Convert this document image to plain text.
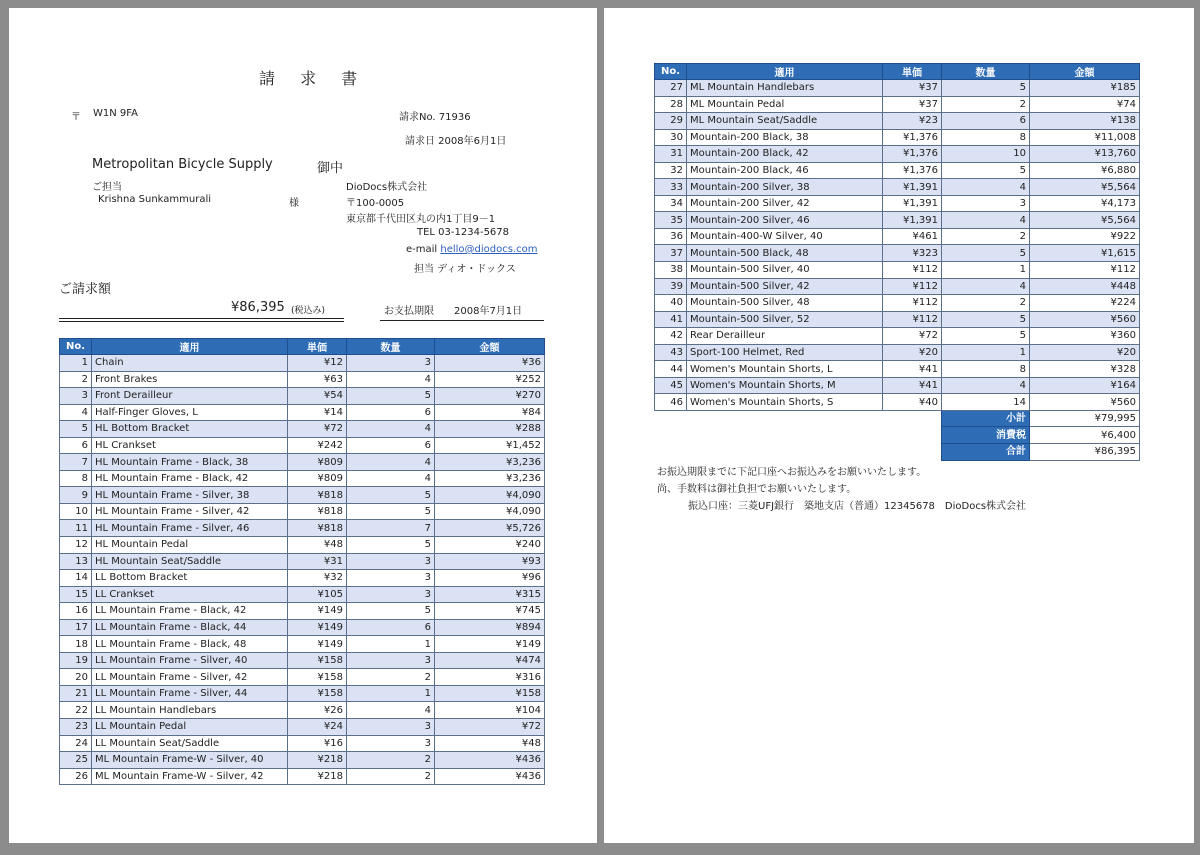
請 求 書
〒 W1N 9FA	請求No. 71936
請求日 2008年6月1日
Metropolitan Bicycle Supply	御中
ご担当
Krishna Sunkammurali	様
DioDocs株式会社
〒100-0005
東京都千代田区丸の内1丁目9－1
TEL 03-1234-5678
e-mail hello@diodocs.com
担当 ディオ・ドックス
ご請求額
¥86,395 (税込み)	お支払期限 2008年7月1日
No.	適用	単価	数量	金額
1	Chain	¥12	3	¥36
2	Front Brakes	¥63	4	¥252
3	Front Derailleur	¥54	5	¥270
4	Half-Finger Gloves, L	¥14	6	¥84
5	HL Bottom Bracket	¥72	4	¥288
6	HL Crankset	¥242	6	¥1,452
7	HL Mountain Frame - Black, 38	¥809	4	¥3,236
8	HL Mountain Frame - Black, 42	¥809	4	¥3,236
9	HL Mountain Frame - Silver, 38	¥818	5	¥4,090
10	HL Mountain Frame - Silver, 42	¥818	5	¥4,090
11	HL Mountain Frame - Silver, 46	¥818	7	¥5,726
12	HL Mountain Pedal	¥48	5	¥240
13	HL Mountain Seat/Saddle	¥31	3	¥93
14	LL Bottom Bracket	¥32	3	¥96
15	LL Crankset	¥105	3	¥315
16	LL Mountain Frame - Black, 42	¥149	5	¥745
17	LL Mountain Frame - Black, 44	¥149	6	¥894
18	LL Mountain Frame - Black, 48	¥149	1	¥149
19	LL Mountain Frame - Silver, 40	¥158	3	¥474
20	LL Mountain Frame - Silver, 42	¥158	2	¥316
21	LL Mountain Frame - Silver, 44	¥158	1	¥158
22	LL Mountain Handlebars	¥26	4	¥104
23	LL Mountain Pedal	¥24	3	¥72
24	LL Mountain Seat/Saddle	¥16	3	¥48
25	ML Mountain Frame-W - Silver, 40	¥218	2	¥436
26	ML Mountain Frame-W - Silver, 42	¥218	2	¥436
No.	適用	単価	数量	金額
27	ML Mountain Handlebars	¥37	5	¥185
28	ML Mountain Pedal	¥37	2	¥74
29	ML Mountain Seat/Saddle	¥23	6	¥138
30	Mountain-200 Black, 38	¥1,376	8	¥11,008
31	Mountain-200 Black, 42	¥1,376	10	¥13,760
32	Mountain-200 Black, 46	¥1,376	5	¥6,880
33	Mountain-200 Silver, 38	¥1,391	4	¥5,564
34	Mountain-200 Silver, 42	¥1,391	3	¥4,173
35	Mountain-200 Silver, 46	¥1,391	4	¥5,564
36	Mountain-400-W Silver, 40	¥461	2	¥922
37	Mountain-500 Black, 48	¥323	5	¥1,615
38	Mountain-500 Silver, 40	¥112	1	¥112
39	Mountain-500 Silver, 42	¥112	4	¥448
40	Mountain-500 Silver, 48	¥112	2	¥224
41	Mountain-500 Silver, 52	¥112	5	¥560
42	Rear Derailleur	¥72	5	¥360
43	Sport-100 Helmet, Red	¥20	1	¥20
44	Women's Mountain Shorts, L	¥41	8	¥328
45	Women's Mountain Shorts, M	¥41	4	¥164
46	Women's Mountain Shorts, S	¥40	14	¥560
			小計	¥79,995
			消費税	¥6,400
			合計	¥86,395
お振込期限までに下記口座へお振込みをお願いいたします。
尚、手数料は御社負担でお願いいたします。
振込口座：三菱UFJ銀行　築地支店（普通）12345678　DioDocs株式会社
